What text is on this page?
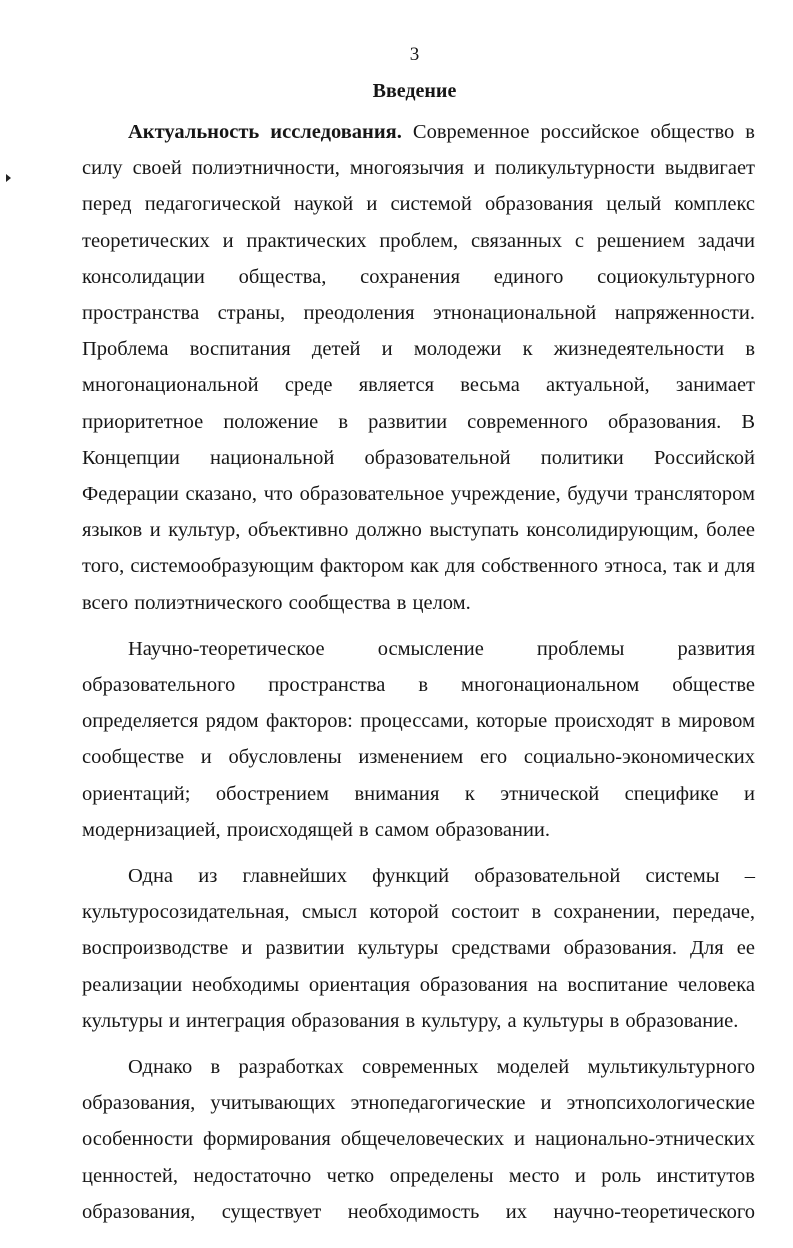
3
Введение

Актуальность исследования. Современное российское общество в силу своей полиэтничности, многоязычия и поликультурности выдвигает перед педагогической наукой и системой образования целый комплекс теоретических и практических проблем, связанных с решением задачи консолидации общества, сохранения единого социокультурного пространства страны, преодоления этнонациональной напряженности. Проблема воспитания детей и молодежи к жизнедеятельности в многонациональной среде является весьма актуальной, занимает приоритетное положение в развитии современного образования. В Концепции национальной образовательной политики Российской Федерации сказано, что образовательное учреждение, будучи транслятором языков и культур, объективно должно выступать консолидирующим, более того, системообразующим фактором как для собственного этноса, так и для всего полиэтнического сообщества в целом.

Научно-теоретическое осмысление проблемы развития образовательного пространства в многонациональном обществе определяется рядом факторов: процессами, которые происходят в мировом сообществе и обусловлены изменением его социально-экономических ориентаций; обострением внимания к этнической специфике и модернизацией, происходящей в самом образовании.

Одна из главнейших функций образовательной системы – культуросозидательная, смысл которой состоит в сохранении, передаче, воспроизводстве и развитии культуры средствами образования. Для ее реализации необходимы ориентация образования на воспитание человека культуры и интеграция образования в культуру, а культуры в образование.

Однако в разработках современных моделей мультикультурного образования, учитывающих этнопедагогические и этнопсихологические особенности формирования общечеловеческих и национально-этнических ценностей, недостаточно четко определены место и роль институтов образования, существует необходимость их научно-теоретического
